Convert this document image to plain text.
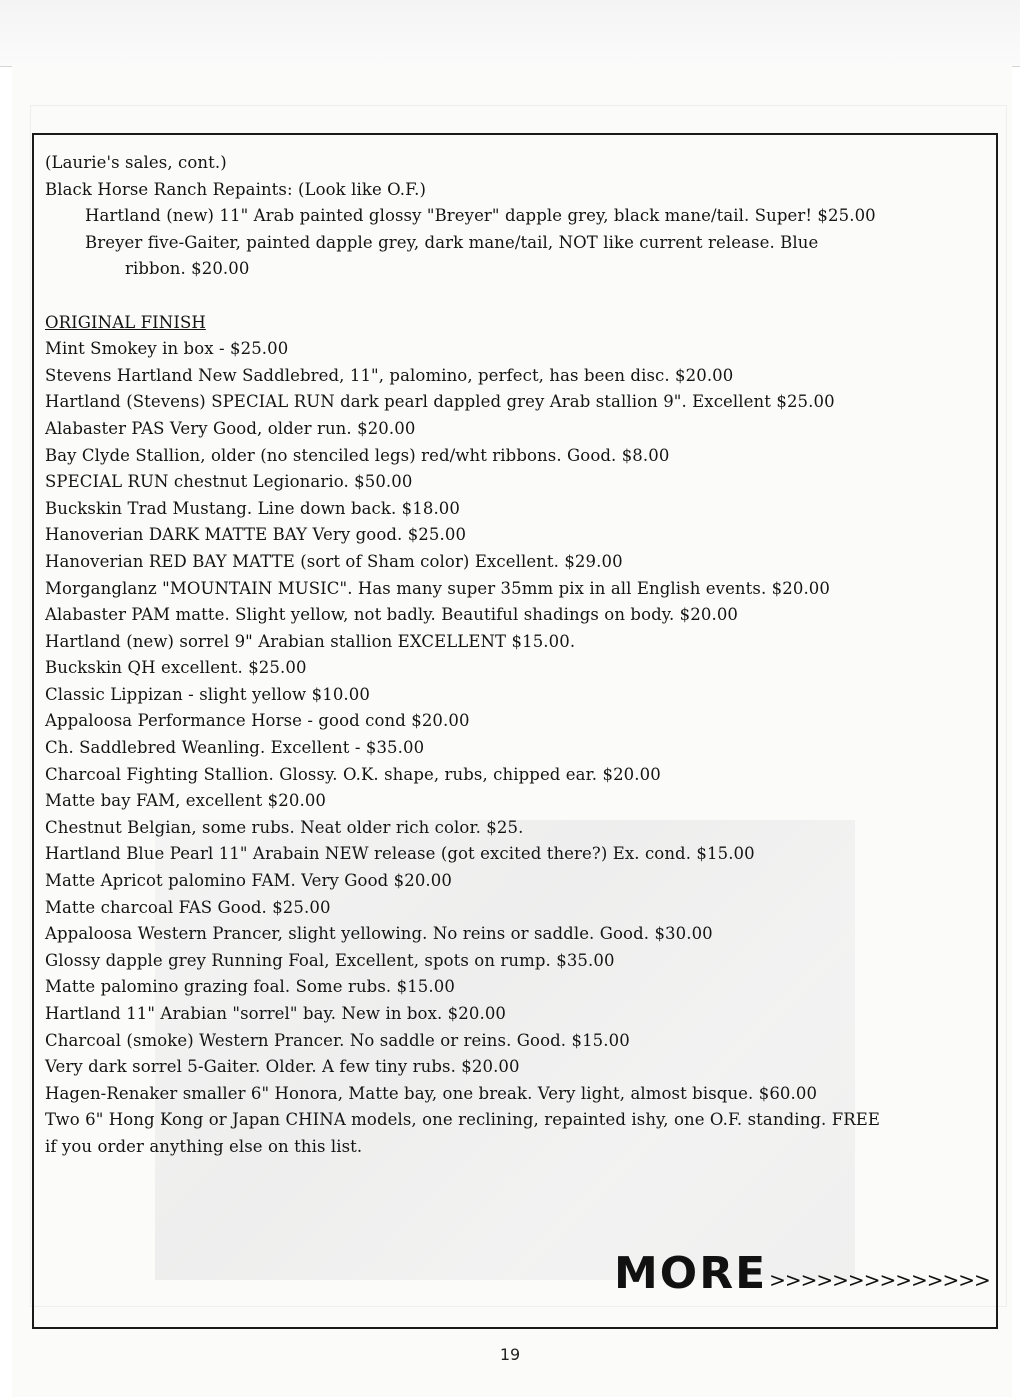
(Laurie's sales, cont.)

Black Horse Ranch Repaints: (Look like O.F.)

Hartland (new) 11" Arab painted glossy "Breyer" dapple grey, black mane/tail. Super! $25.00

Breyer five-Gaiter, painted dapple grey, dark mane/tail, NOT like current release. Blue

ribbon. $20.00

ORIGINAL FINISH

Mint Smokey in box - $25.00

Stevens Hartland New Saddlebred, 11", palomino, perfect, has been disc. $20.00

Hartland (Stevens) SPECIAL RUN dark pearl dappled grey Arab stallion 9". Excellent $25.00

Alabaster PAS Very Good, older run. $20.00

Bay Clyde Stallion, older (no stenciled legs) red/wht ribbons. Good. $8.00

SPECIAL RUN chestnut Legionario. $50.00

Buckskin Trad Mustang. Line down back. $18.00

Hanoverian DARK MATTE BAY Very good. $25.00

Hanoverian RED BAY MATTE (sort of Sham color) Excellent. $29.00

Morganglanz "MOUNTAIN MUSIC". Has many super 35mm pix in all English events. $20.00

Alabaster PAM matte. Slight yellow, not badly. Beautiful shadings on body. $20.00

Hartland (new) sorrel 9" Arabian stallion EXCELLENT $15.00.

Buckskin QH excellent. $25.00

Classic Lippizan - slight yellow $10.00

Appaloosa Performance Horse - good cond $20.00

Ch. Saddlebred Weanling. Excellent - $35.00

Charcoal Fighting Stallion. Glossy. O.K. shape, rubs, chipped ear. $20.00

Matte bay FAM, excellent $20.00

Chestnut Belgian, some rubs. Neat older rich color. $25.

Hartland Blue Pearl 11" Arabain NEW release (got excited there?) Ex. cond. $15.00

Matte Apricot palomino FAM. Very Good $20.00

Matte charcoal FAS Good. $25.00

Appaloosa Western Prancer, slight yellowing. No reins or saddle. Good. $30.00

Glossy dapple grey Running Foal, Excellent, spots on rump. $35.00

Matte palomino grazing foal. Some rubs. $15.00

Hartland 11" Arabian "sorrel" bay. New in box. $20.00

Charcoal (smoke) Western Prancer. No saddle or reins. Good. $15.00

Very dark sorrel 5-Gaiter. Older. A few tiny rubs. $20.00

Hagen-Renaker smaller 6" Honora, Matte bay, one break. Very light, almost bisque. $60.00

Two 6" Hong Kong or Japan CHINA models, one reclining, repainted ishy, one O.F. standing. FREE

if you order anything else on this list.

MORE >>>>>>>>>>>>>>
19
